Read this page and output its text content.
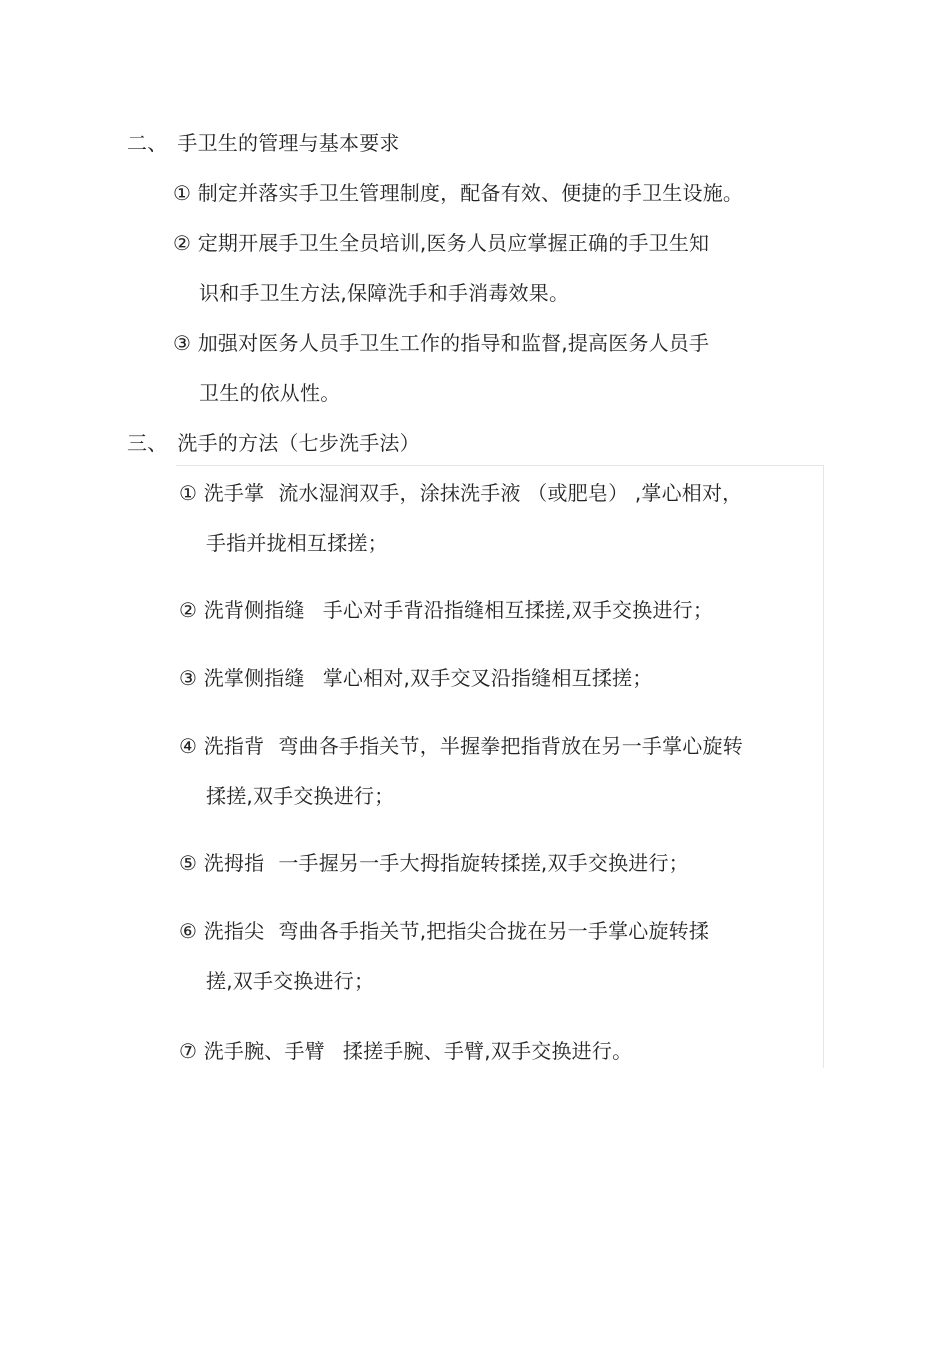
二、 手卫生的管理与基本要求
① 制定并落实手卫生管理制度，配备有效、便捷的手卫生设施。
② 定期开展手卫生全员培训,医务人员应掌握正确的手卫生知
识和手卫生方法,保障洗手和手消毒效果。
③ 加强对医务人员手卫生工作的指导和监督,提高医务人员手
卫生的依从性。
三、 洗手的方法（七步洗手法）
① 洗手掌 流水湿润双手，涂抹洗手液 （或肥皂） ,掌心相对，
手指并拢相互揉搓；
② 洗背侧指缝 手心对手背沿指缝相互揉搓,双手交换进行；
③ 洗掌侧指缝 掌心相对,双手交叉沿指缝相互揉搓；
④ 洗指背 弯曲各手指关节，半握拳把指背放在另一手掌心旋转
揉搓,双手交换进行；
⑤ 洗拇指 一手握另一手大拇指旋转揉搓,双手交换进行；
⑥ 洗指尖 弯曲各手指关节,把指尖合拢在另一手掌心旋转揉
搓,双手交换进行；
⑦ 洗手腕、手臂 揉搓手腕、手臂,双手交换进行。
